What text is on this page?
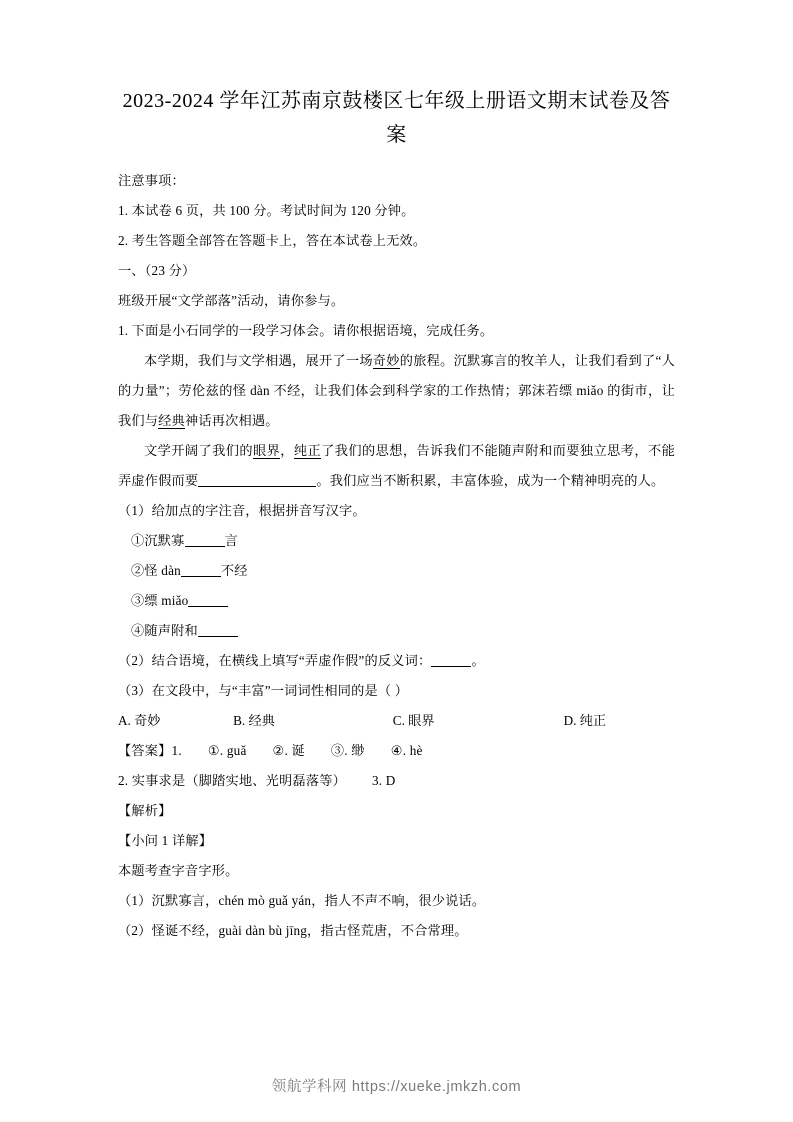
2023-2024 学年江苏南京鼓楼区七年级上册语文期末试卷及答案

注意事项：

1. 本试卷 6 页，共 100 分。考试时间为 120 分钟。

2. 考生答题全部答在答题卡上，答在本试卷上无效。

一、（23 分）

班级开展“文学部落”活动，请你参与。

1. 下面是小石同学的一段学习体会。请你根据语境，完成任务。

本学期，我们与文学相遇，展开了一场奇妙的旅程。沉默寡言的牧羊人，让我们看到了“人的力量”；劳伦兹的怪 dàn 不经，让我们体会到科学家的工作热情；郭沫若缥 miǎo 的街市，让我们与经典神话再次相遇。

文学开阔了我们的眼界，纯正了我们的思想，告诉我们不能随声附和而要独立思考，不能弄虚作假而要	。我们应当不断积累，丰富体验，成为一个精神明亮的人。

（1）给加点的字注音，根据拼音写汉字。

①沉默寡	言

②怪 dàn	不经

③缥 miǎo

④随声附和

（2）结合语境，在横线上填写“弄虚作假”的反义词：	。

（3）在文段中，与“丰富”一词词性相同的是（ ）

A. 奇妙	B. 经典	C. 眼界	D. 纯正

【答案】1. ①. guǎ ②. 诞 ③. 缈 ④. hè

2. 实事求是（脚踏实地、光明磊落等） 3. D

【解析】

【小问 1 详解】

本题考查字音字形。

（1）沉默寡言，chén mò guǎ yán，指人不声不响，很少说话。

（2）怪诞不经，guài dàn bù jīng，指古怪荒唐，不合常理。

领航学科网 https://xueke.jmkzh.com
